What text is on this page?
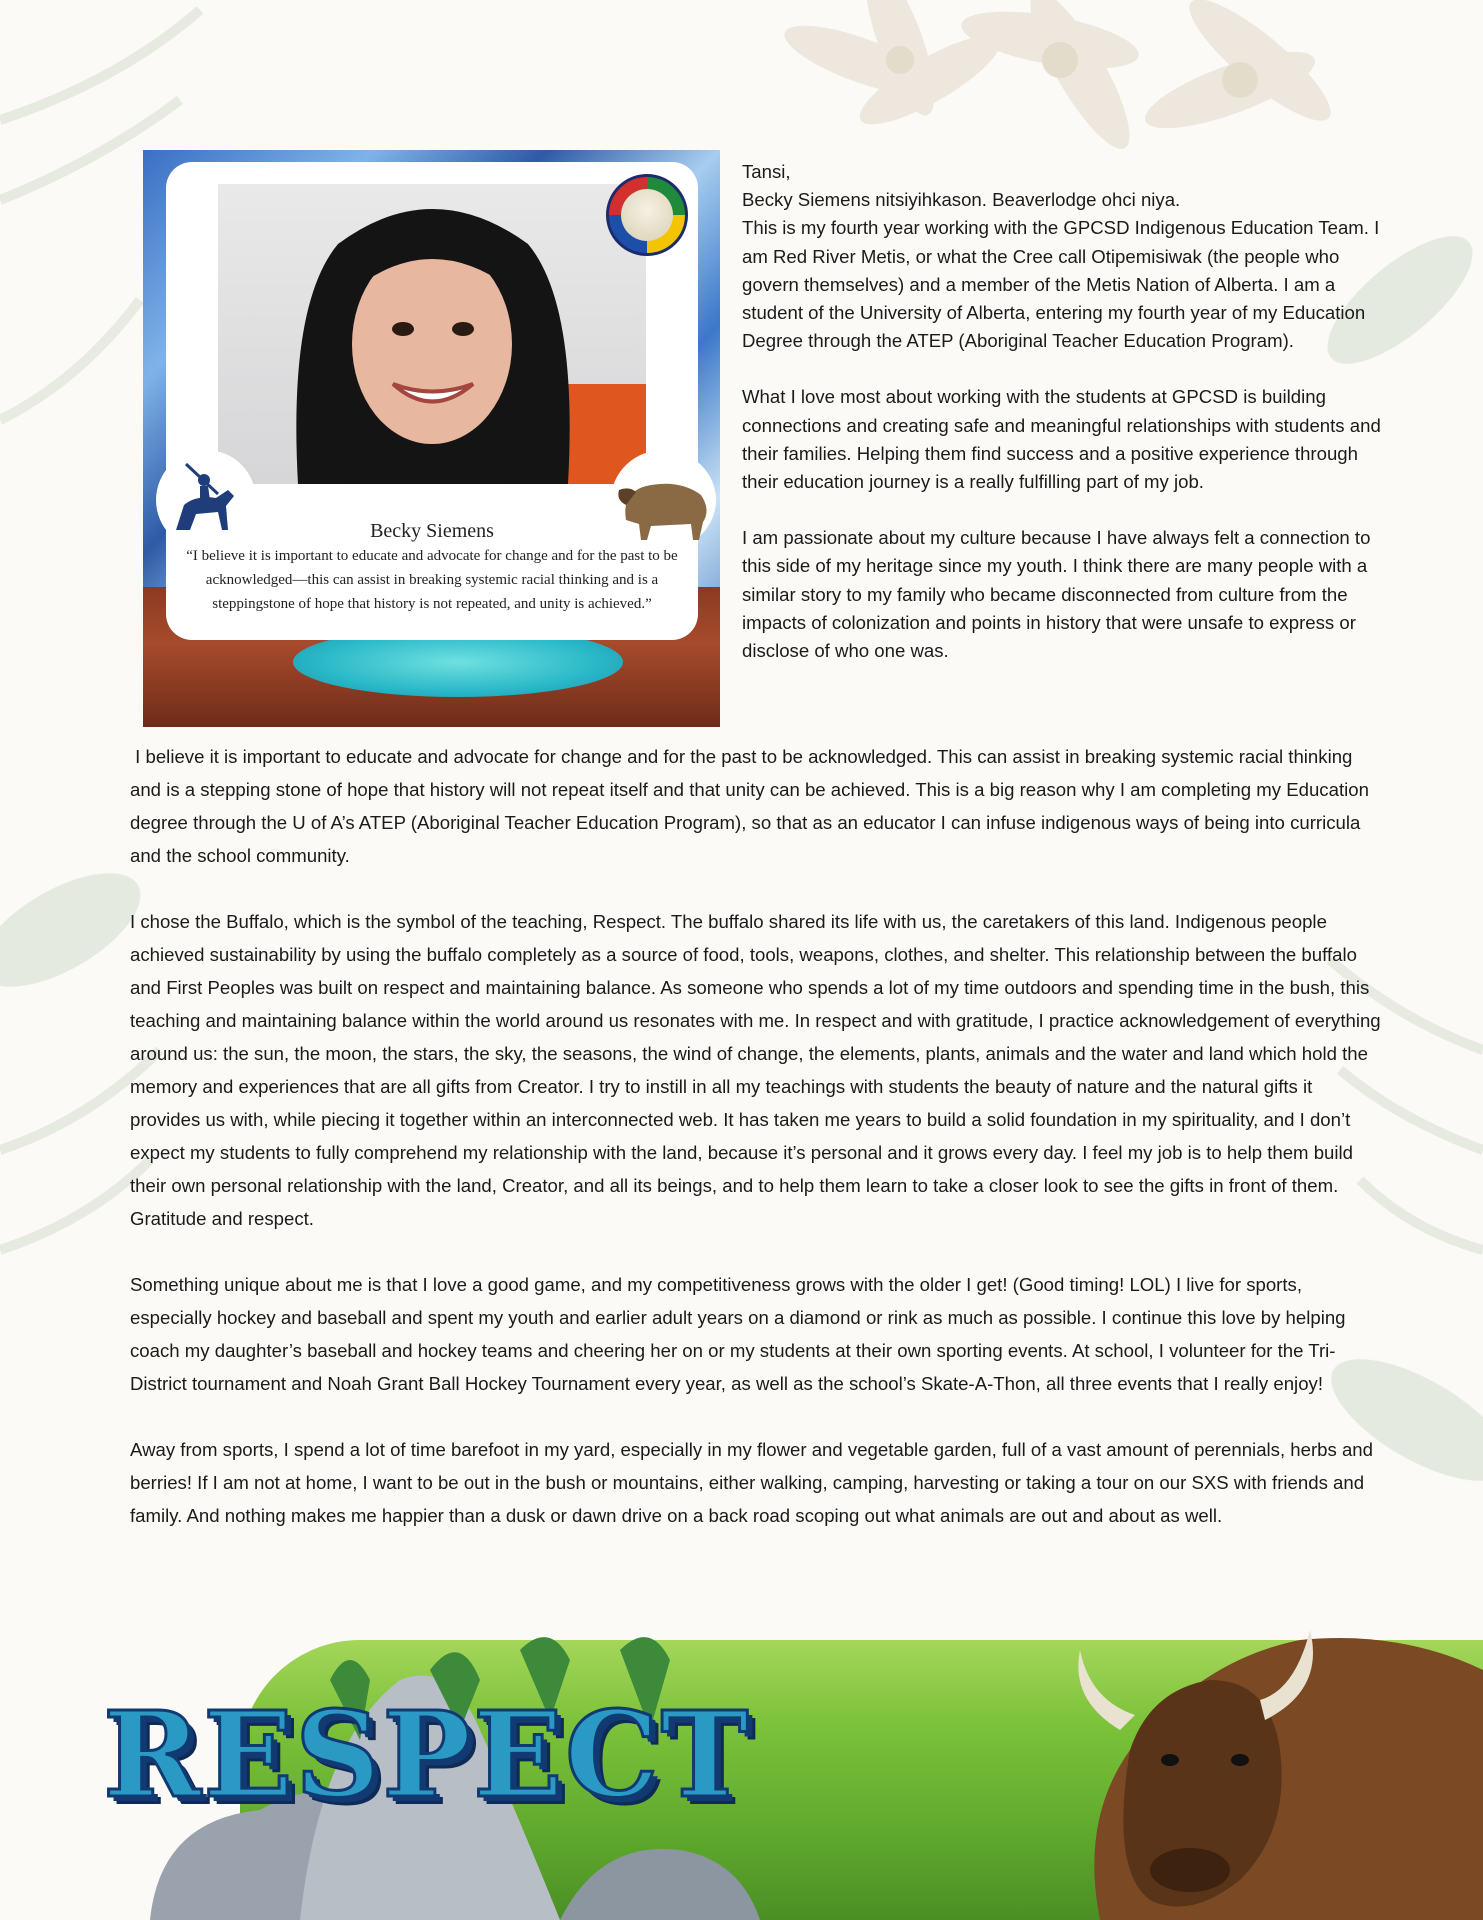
Becky Siemens
“I believe it is important to educate and advocate for change and for the past to be acknowledged—this can assist in breaking systemic racial thinking and is a steppingstone of hope that history is not repeated, and unity is achieved.”

Tansi,
Becky Siemens nitsiyihkason. Beaverlodge ohci niya.
This is my fourth year working with the GPCSD Indigenous Education Team. I am Red River Metis, or what the Cree call Otipemisiwak (the people who govern themselves) and a member of the Metis Nation of Alberta. I am a student of the University of Alberta, entering my fourth year of my Education Degree through the ATEP (Aboriginal Teacher Education Program).

What I love most about working with the students at GPCSD is building connections and creating safe and meaningful relationships with students and their families. Helping them find success and a positive experience through their education journey is a really fulfilling part of my job.

I am passionate about my culture because I have always felt a connection to this side of my heritage since my youth. I think there are many people with a similar story to my family who became disconnected from culture from the impacts of colonization and points in history that were unsafe to express or disclose of who one was.

I believe it is important to educate and advocate for change and for the past to be acknowledged. This can assist in breaking systemic racial thinking and is a stepping stone of hope that history will not repeat itself and that unity can be achieved. This is a big reason why I am completing my Education degree through the U of A’s ATEP (Aboriginal Teacher Education Program), so that as an educator I can infuse indigenous ways of being into curricula and the school community.

I chose the Buffalo, which is the symbol of the teaching, Respect. The buffalo shared its life with us, the caretakers of this land. Indigenous people achieved sustainability by using the buffalo completely as a source of food, tools, weapons, clothes, and shelter. This relationship between the buffalo and First Peoples was built on respect and maintaining balance. As someone who spends a lot of my time outdoors and spending time in the bush, this teaching and maintaining balance within the world around us resonates with me. In respect and with gratitude, I practice acknowledgement of everything around us: the sun, the moon, the stars, the sky, the seasons, the wind of change, the elements, plants, animals and the water and land which hold the memory and experiences that are all gifts from Creator. I try to instill in all my teachings with students the beauty of nature and the natural gifts it provides us with, while piecing it together within an interconnected web. It has taken me years to build a solid foundation in my spirituality, and I don’t expect my students to fully comprehend my relationship with the land, because it’s personal and it grows every day. I feel my job is to help them build their own personal relationship with the land, Creator, and all its beings, and to help them learn to take a closer look to see the gifts in front of them. Gratitude and respect.

Something unique about me is that I love a good game, and my competitiveness grows with the older I get! (Good timing! LOL) I live for sports, especially hockey and baseball and spent my youth and earlier adult years on a diamond or rink as much as possible. I continue this love by helping coach my daughter’s baseball and hockey teams and cheering her on or my students at their own sporting events. At school, I volunteer for the Tri-District tournament and Noah Grant Ball Hockey Tournament every year, as well as the school’s Skate-A-Thon, all three events that I really enjoy!

Away from sports, I spend a lot of time barefoot in my yard, especially in my flower and vegetable garden, full of a vast amount of perennials, herbs and berries! If I am not at home, I want to be out in the bush or mountains, either walking, camping, harvesting or taking a tour on our SXS with friends and family. And nothing makes me happier than a dusk or dawn drive on a back road scoping out what animals are out and about as well.

RESPECT
